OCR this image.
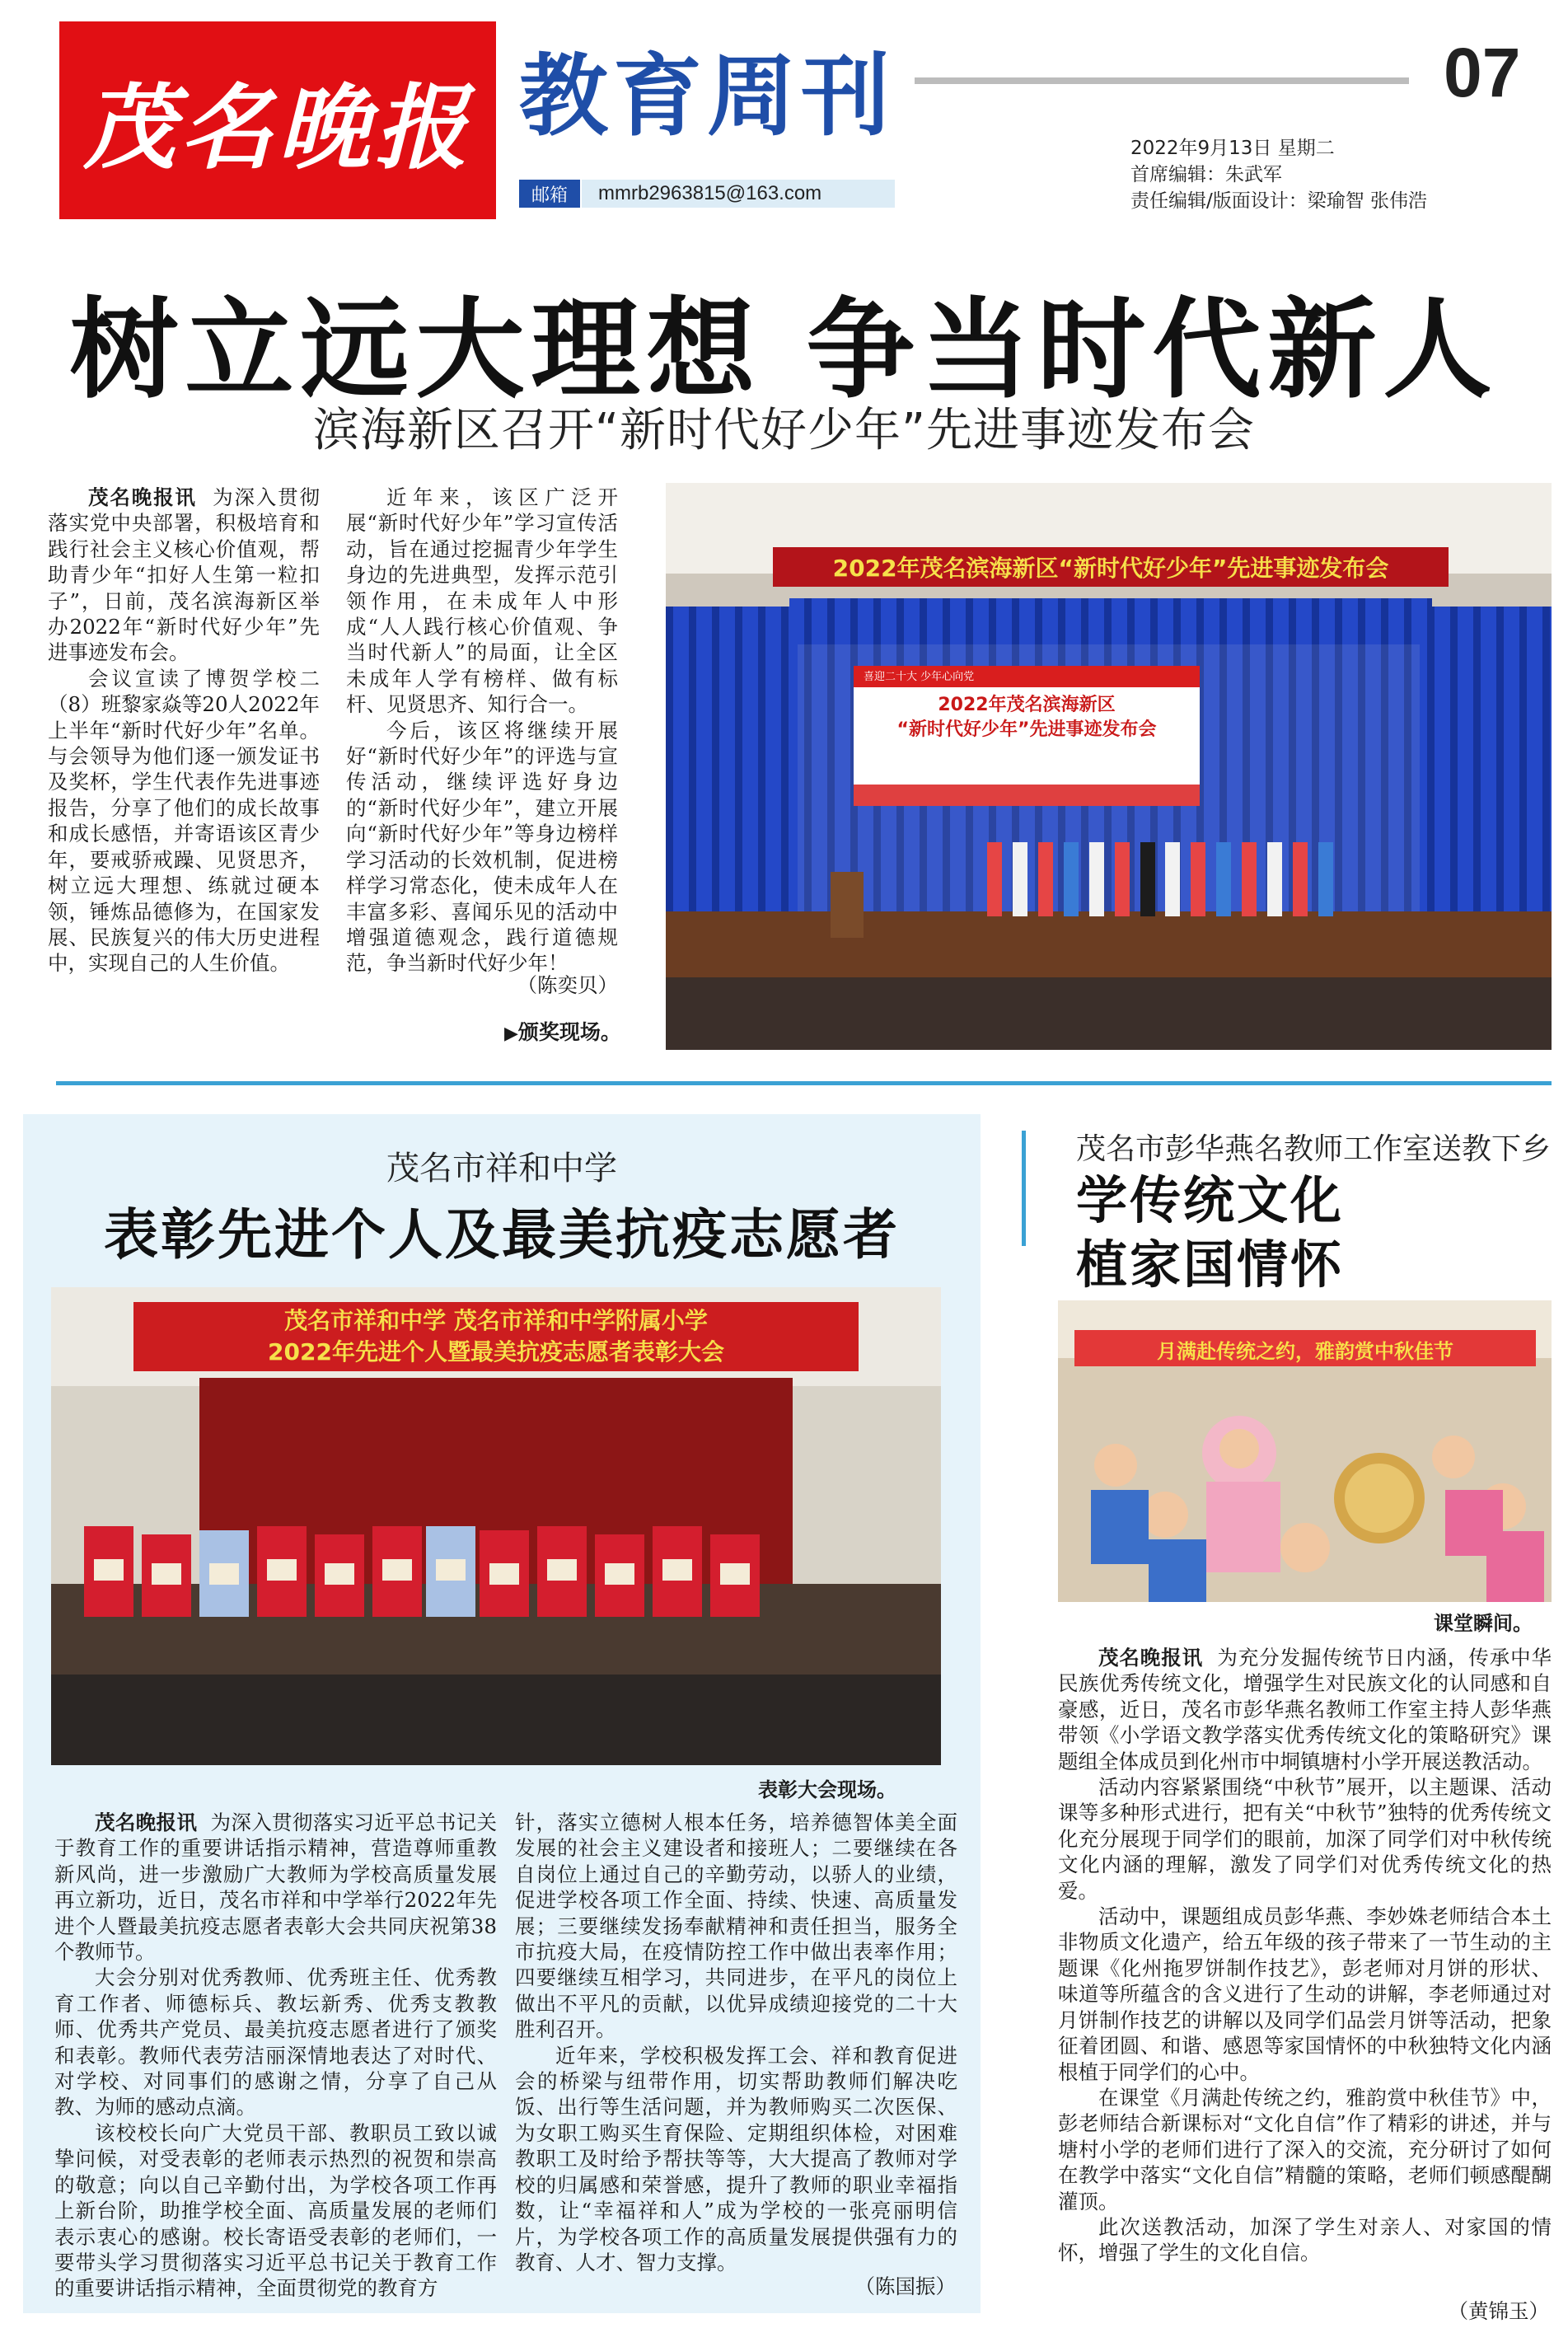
茂名晚报 教育周刊	07
邮箱	mmrb2963815@163.com
2022年9月13日 星期二
首席编辑：朱武军
责任编辑/版面设计：梁瑜智 张伟浩
树立远大理想 争当时代新人
滨海新区召开“新时代好少年”先进事迹发布会

茂名晚报讯 为深入贯彻落实党中央部署，积极培育和践行社会主义核心价值观，帮助青少年“扣好人生第一粒扣子”，日前，茂名滨海新区举办2022年“新时代好少年”先进事迹发布会。

会议宣读了博贺学校二（8）班黎家焱等20人2022年上半年“新时代好少年”名单。与会领导为他们逐一颁发证书及奖杯，学生代表作先进事迹报告，分享了他们的成长故事和成长感悟，并寄语该区青少年，要戒骄戒躁、见贤思齐，树立远大理想、练就过硬本领，锤炼品德修为，在国家发展、民族复兴的伟大历史进程中，实现自己的人生价值。

近年来，该区广泛开展“新时代好少年”学习宣传活动，旨在通过挖掘青少年学生身边的先进典型，发挥示范引领作用，在未成年人中形成“人人践行核心价值观、争当时代新人”的局面，让全区未成年人学有榜样、做有标杆、见贤思齐、知行合一。

今后，该区将继续开展好“新时代好少年”的评选与宣传活动，继续评选好身边的“新时代好少年”，建立开展向“新时代好少年”等身边榜样学习活动的长效机制，促进榜样学习常态化，使未成年人在丰富多彩、喜闻乐见的活动中增强道德观念，践行道德规范，争当新时代好少年！

（陈奕贝）
▶颁奖现场。
2022年茂名滨海新区“新时代好少年”先进事迹发布会
喜迎二十大 少年心向党
2022年茂名滨海新区
“新时代好少年”先进事迹发布会
茂名市祥和中学
表彰先进个人及最美抗疫志愿者
茂名市祥和中学 茂名市祥和中学附属小学
2022年先进个人暨最美抗疫志愿者表彰大会
表彰大会现场。

茂名晚报讯 为深入贯彻落实习近平总书记关于教育工作的重要讲话指示精神，营造尊师重教新风尚，进一步激励广大教师为学校高质量发展再立新功，近日，茂名市祥和中学举行2022年先进个人暨最美抗疫志愿者表彰大会共同庆祝第38个教师节。

大会分别对优秀教师、优秀班主任、优秀教育工作者、师德标兵、教坛新秀、优秀支教教师、优秀共产党员、最美抗疫志愿者进行了颁奖和表彰。教师代表劳洁丽深情地表达了对时代、对学校、对同事们的感谢之情，分享了自己从教、为师的感动点滴。

该校校长向广大党员干部、教职员工致以诚挚问候，对受表彰的老师表示热烈的祝贺和崇高的敬意；向以自己辛勤付出，为学校各项工作再上新台阶，助推学校全面、高质量发展的老师们表示衷心的感谢。校长寄语受表彰的老师们，一要带头学习贯彻落实习近平总书记关于教育工作的重要讲话指示精神，全面贯彻党的教育方

针，落实立德树人根本任务，培养德智体美全面发展的社会主义建设者和接班人；二要继续在各自岗位上通过自己的辛勤劳动，以骄人的业绩，促进学校各项工作全面、持续、快速、高质量发展；三要继续发扬奉献精神和责任担当，服务全市抗疫大局，在疫情防控工作中做出表率作用；四要继续互相学习，共同进步，在平凡的岗位上做出不平凡的贡献，以优异成绩迎接党的二十大胜利召开。

近年来，学校积极发挥工会、祥和教育促进会的桥梁与纽带作用，切实帮助教师们解决吃饭、出行等生活问题，并为教师购买二次医保、为女职工购买生育保险、定期组织体检，对困难教职工及时给予帮扶等等，大大提高了教师对学校的归属感和荣誉感，提升了教师的职业幸福指数，让“幸福祥和人”成为学校的一张亮丽明信片，为学校各项工作的高质量发展提供强有力的教育、人才、智力支撑。

（陈国振）
茂名市彭华燕名教师工作室送教下乡
学传统文化
植家国情怀
月满赴传统之约，雅韵赏中秋佳节
课堂瞬间。

茂名晚报讯 为充分发掘传统节日内涵，传承中华民族优秀传统文化，增强学生对民族文化的认同感和自豪感，近日，茂名市彭华燕名教师工作室主持人彭华燕带领《小学语文教学落实优秀传统文化的策略研究》课题组全体成员到化州市中垌镇塘村小学开展送教活动。

活动内容紧紧围绕“中秋节”展开，以主题课、活动课等多种形式进行，把有关“中秋节”独特的优秀传统文化充分展现于同学们的眼前，加深了同学们对中秋传统文化内涵的理解，激发了同学们对优秀传统文化的热爱。

活动中，课题组成员彭华燕、李妙姝老师结合本土非物质文化遗产，给五年级的孩子带来了一节生动的主题课《化州拖罗饼制作技艺》，彭老师对月饼的形状、味道等所蕴含的含义进行了生动的讲解，李老师通过对月饼制作技艺的讲解以及同学们品尝月饼等活动，把象征着团圆、和谐、感恩等家国情怀的中秋独特文化内涵根植于同学们的心中。

在课堂《月满赴传统之约，雅韵赏中秋佳节》中，彭老师结合新课标对“文化自信”作了精彩的讲述，并与塘村小学的老师们进行了深入的交流，充分研讨了如何在教学中落实“文化自信”精髓的策略，老师们顿感醍醐灌顶。

此次送教活动，加深了学生对亲人、对家国的情怀，增强了学生的文化自信。

（黄锦玉）
